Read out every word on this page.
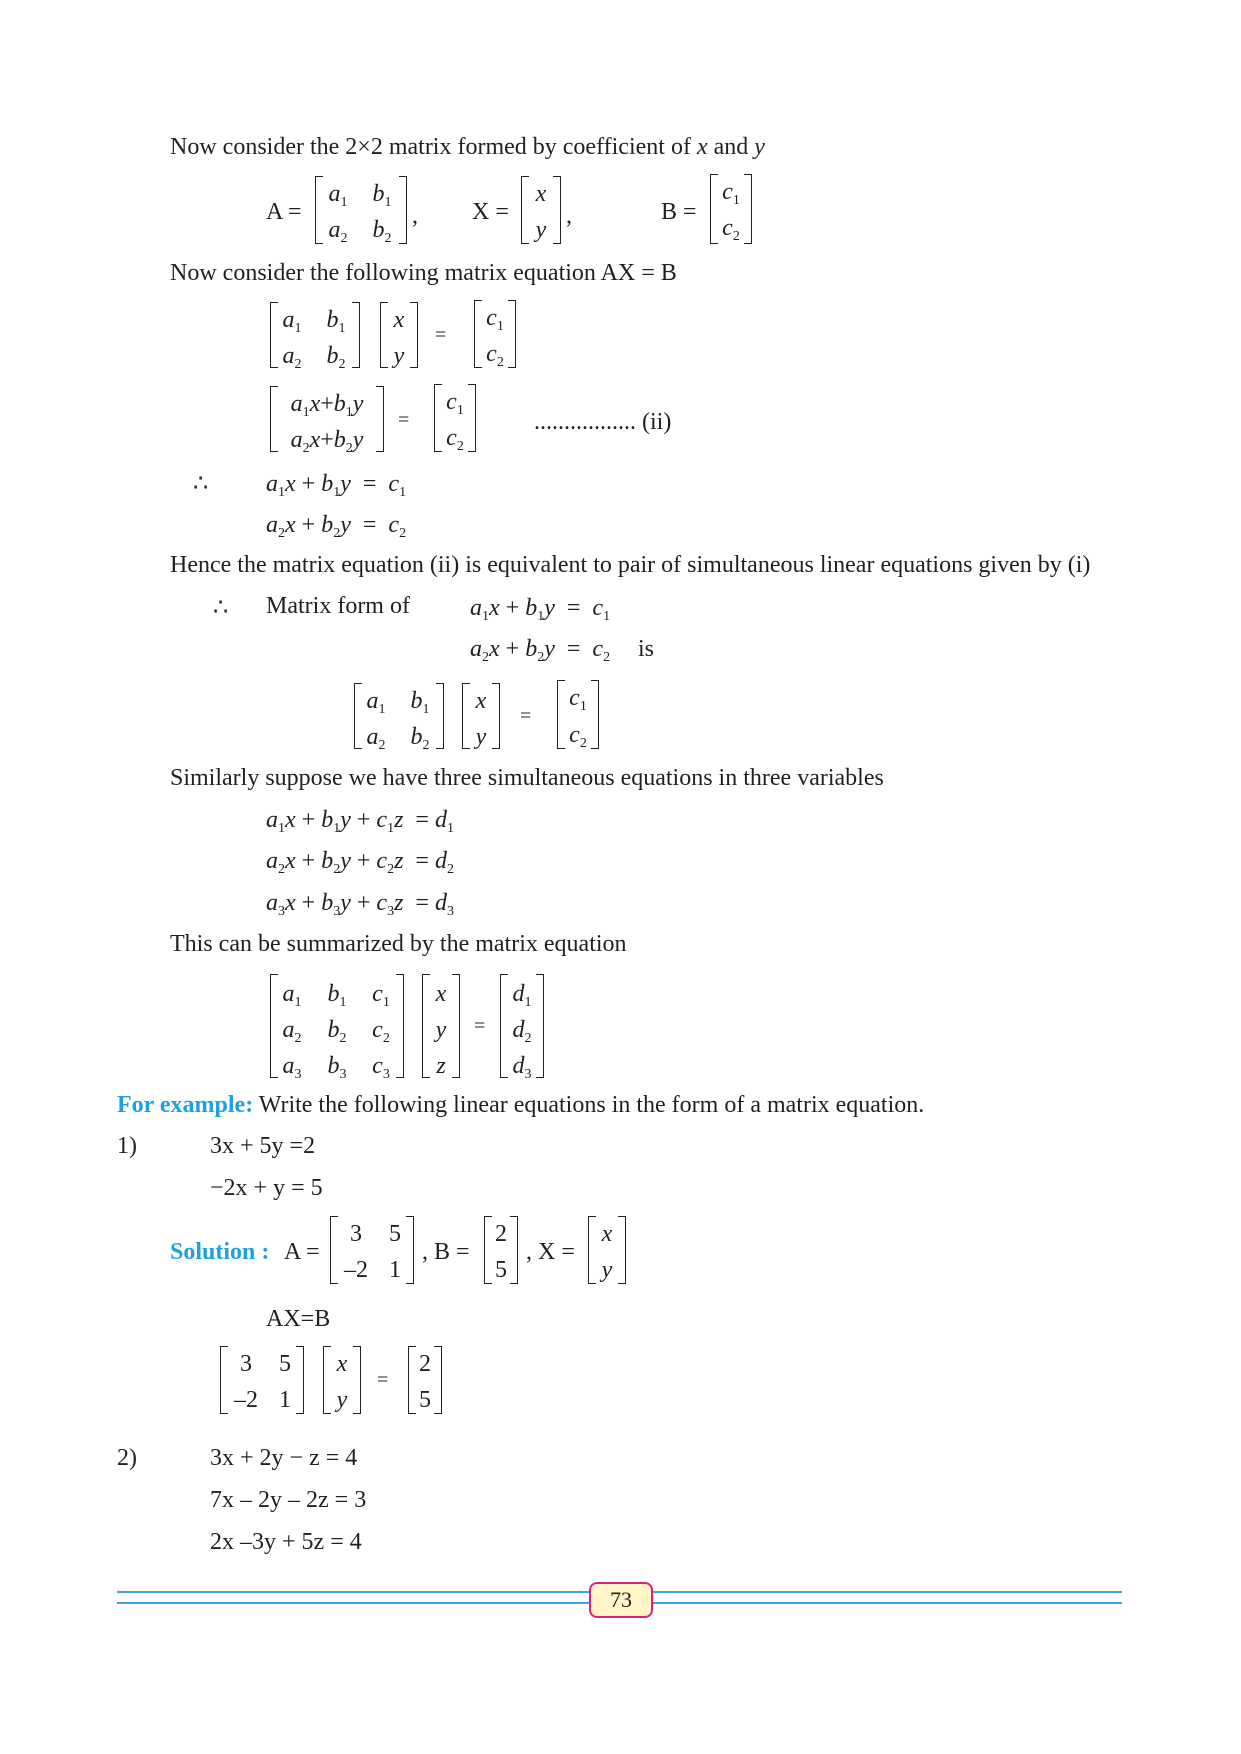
Now consider the 2×2 matrix formed by coefficient of x and y
A =
$a_1$ $b_1$
$a_2$ $b_2$
, X =
x
y
,	B =
$c_1$
$c_2$
Now consider the following matrix equation AX = B
$a_1$ $b_1$
$a_2$ $b_2$
x
y
=
$c_1$
$c_2$
$a_1x+b_1y$
$a_2x+b_2y$
=
$c_1$
$c_2$
................. (ii)
∴ $a_1x + b_1y = c_1$
$a_2x + b_2y = c_2$
Hence the matrix equation (ii) is equivalent to pair of simultaneous linear equations given by (i)
∴ Matrix form of	$a_1x + b_1y = c_1$
$a_2x + b_2y = c_2$ is
$a_1$ $b_1$
$a_2$ $b_2$
x
y
=
$c_1$
$c_2$
Similarly suppose we have three simultaneous equations in three variables
$a_1x + b_1y + c_1z = d_1$
$a_2x + b_2y + c_2z = d_2$
$a_3x + b_3y + c_3z = d_3$
This can be summarized by the matrix equation
$a_1$ $b_1$ $c_1$
$a_2$ $b_2$ $c_2$
$a_3$ $b_3$ $c_3$
x
y
z
=
$d_1$
$d_2$
$d_3$
For example: Write the following linear equations in the form of a matrix equation.
1)	3x + 5y =2
−2x + y = 5
Solution : A =
3 5
–2 1
, B =
2
5
, X =
x
y
AX=B
3 5
–2 1
x
y
=
2
5
2)	3x + 2y − z = 4
7x – 2y – 2z = 3
2x –3y + 5z = 4
73
